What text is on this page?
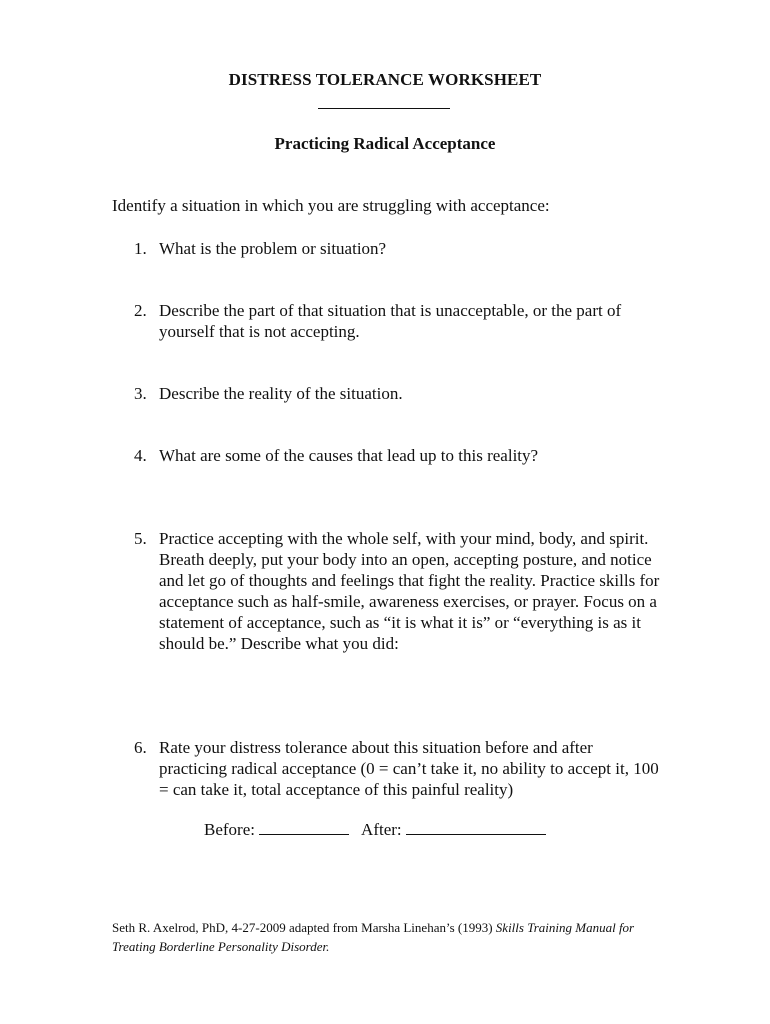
DISTRESS TOLERANCE WORKSHEET
Practicing Radical Acceptance
Identify a situation in which you are struggling with acceptance:
1. What is the problem or situation?
2. Describe the part of that situation that is unacceptable, or the part of yourself that is not accepting.
3. Describe the reality of the situation.
4. What are some of the causes that lead up to this reality?
5. Practice accepting with the whole self, with your mind, body, and spirit. Breath deeply, put your body into an open, accepting posture, and notice and let go of thoughts and feelings that fight the reality. Practice skills for acceptance such as half-smile, awareness exercises, or prayer. Focus on a statement of acceptance, such as “it is what it is” or “everything is as it should be.” Describe what you did:
6. Rate your distress tolerance about this situation before and after practicing radical acceptance (0 = can’t take it, no ability to accept it, 100 = can take it, total acceptance of this painful reality)
Before:	After:
Seth R. Axelrod, PhD, 4-27-2009 adapted from Marsha Linehan’s (1993) Skills Training Manual for Treating Borderline Personality Disorder.
